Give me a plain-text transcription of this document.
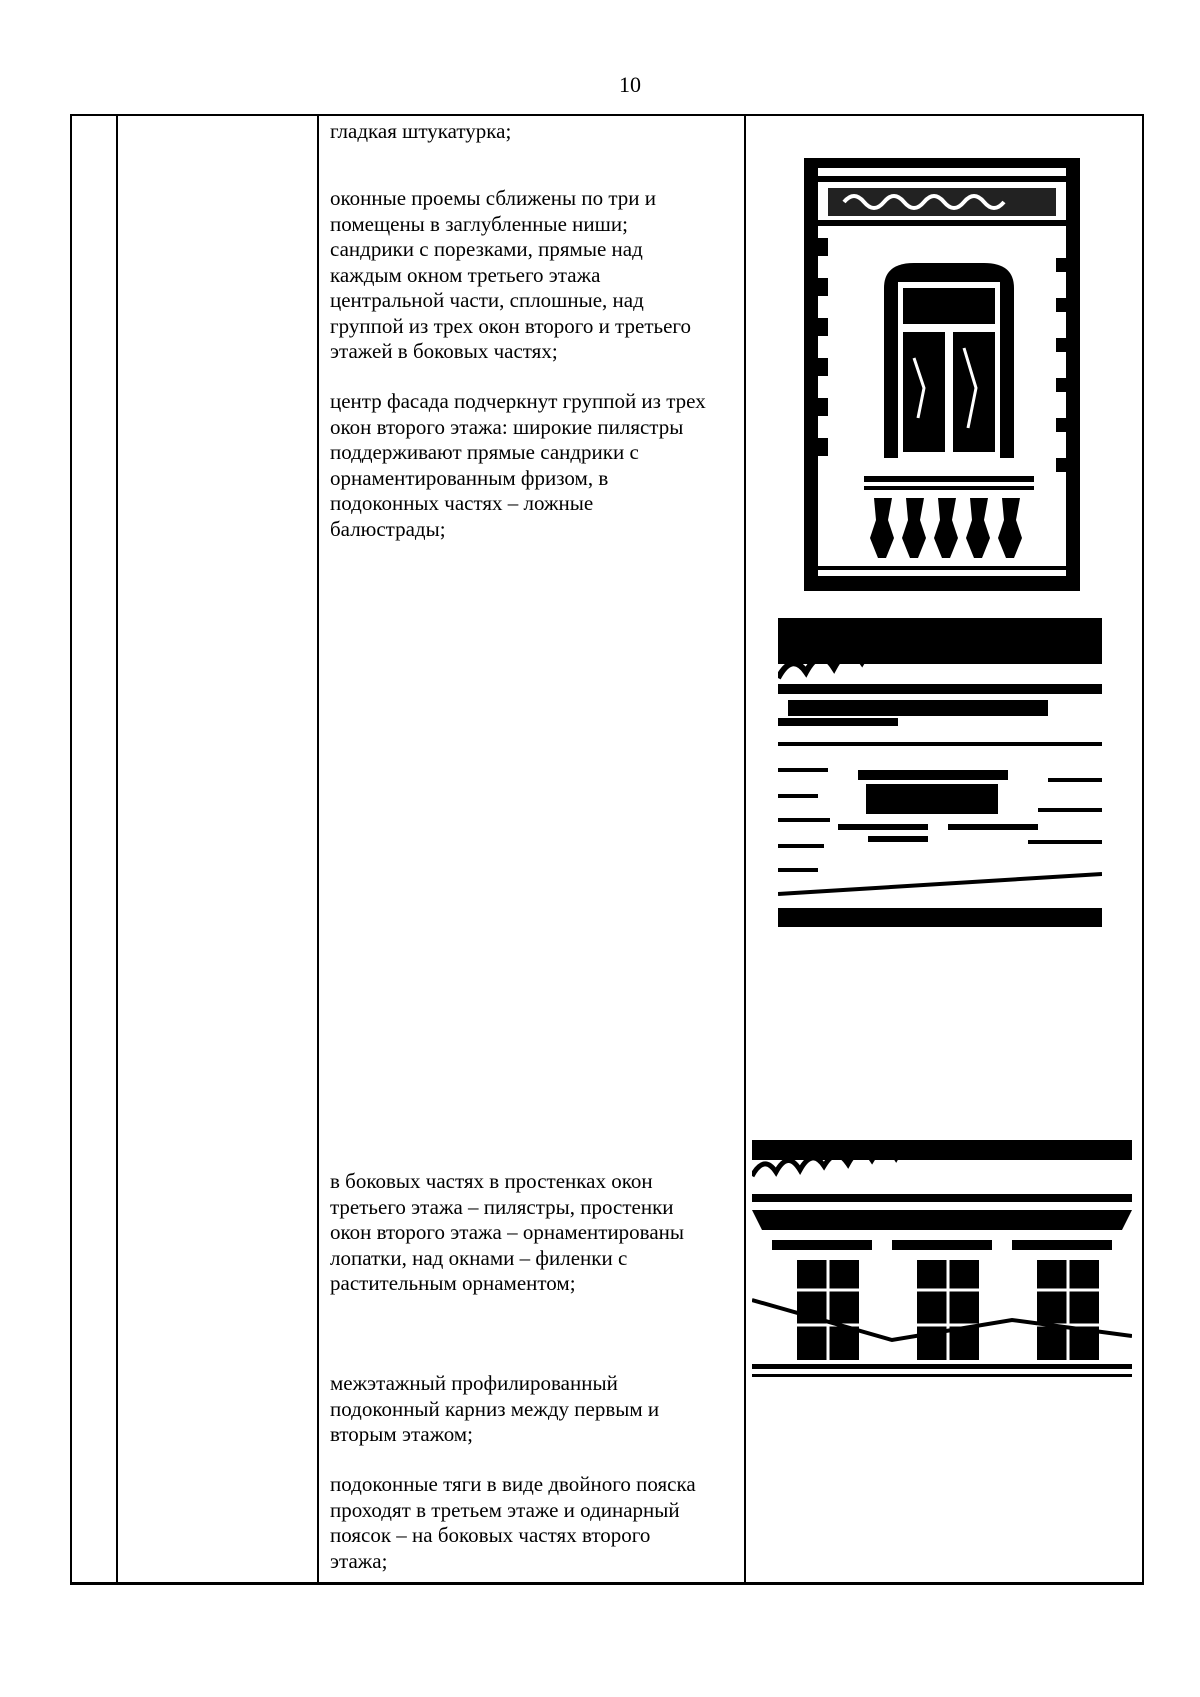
10
гладкая штукатурка;
оконные проемы сближены по три и
помещены в заглубленные ниши;
сандрики с порезками, прямые над
каждым окном третьего этажа
центральной части, сплошные, над
группой из трех окон второго и третьего
этажей в боковых частях;
центр фасада подчеркнут группой из трех
окон второго этажа: широкие пилястры
поддерживают прямые сандрики с
орнаментированным фризом, в
подоконных частях – ложные
балюстрады;
в боковых частях в простенках окон
третьего этажа – пилястры, простенки
окон второго этажа – орнаментированы
лопатки, над окнами – филенки с
растительным орнаментом;
межэтажный профилированный
подоконный карниз между первым и
вторым этажом;
подоконные тяги в виде двойного пояска
проходят в третьем этаже и одинарный
поясок – на боковых частях второго
этажа;
